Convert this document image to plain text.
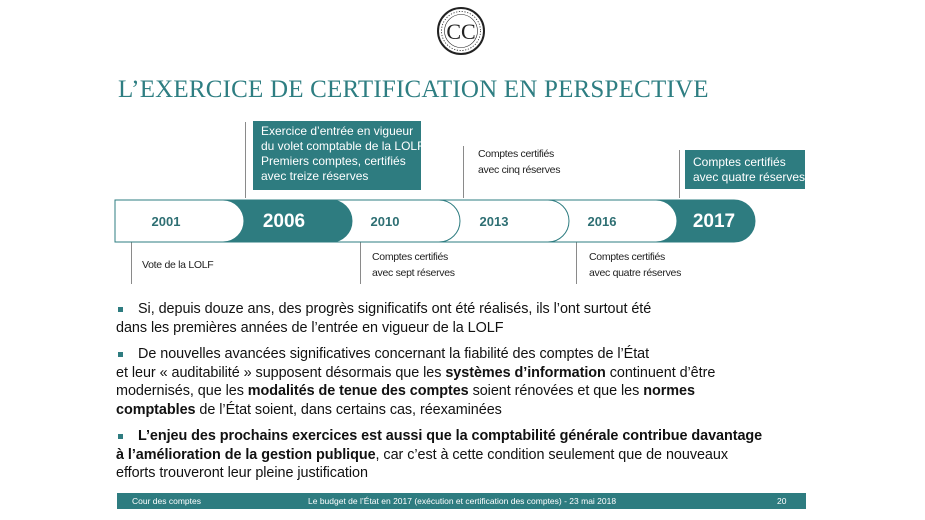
CC
L’EXERCICE DE CERTIFICATION EN PERSPECTIVE
Exercice d’entrée en vigueur
du volet comptable de la LOLF
Premiers comptes, certifiés
avec treize réserves
Comptes certifiés
avec quatre réserves
Vote de la LOLF
Comptes certifiés
avec sept réserves
Comptes certifiés
avec cinq réserves
Comptes certifiés
avec quatre réserves
2017
2016
2013
2010
2006
2001

Si, depuis douze ans, des progrès significatifs ont été réalisés, ils l’ont surtout été
dans les premières années de l’entrée en vigueur de la LOLF

De nouvelles avancées significatives concernant la fiabilité des comptes de l’État
et leur « auditabilité » supposent désormais que les systèmes d’information continuent d’être
modernisés, que les modalités de tenue des comptes soient rénovées et que les normes
comptables de l’État soient, dans certains cas, réexaminées

L’enjeu des prochains exercices est aussi que la comptabilité générale contribue davantage
à l’amélioration de la gestion publique, car c’est à cette condition seulement que de nouveaux
efforts trouveront leur pleine justification

Cour des comptes	Le budget de l’État en 2017 (exécution et certification des comptes) - 23 mai 2018	20
